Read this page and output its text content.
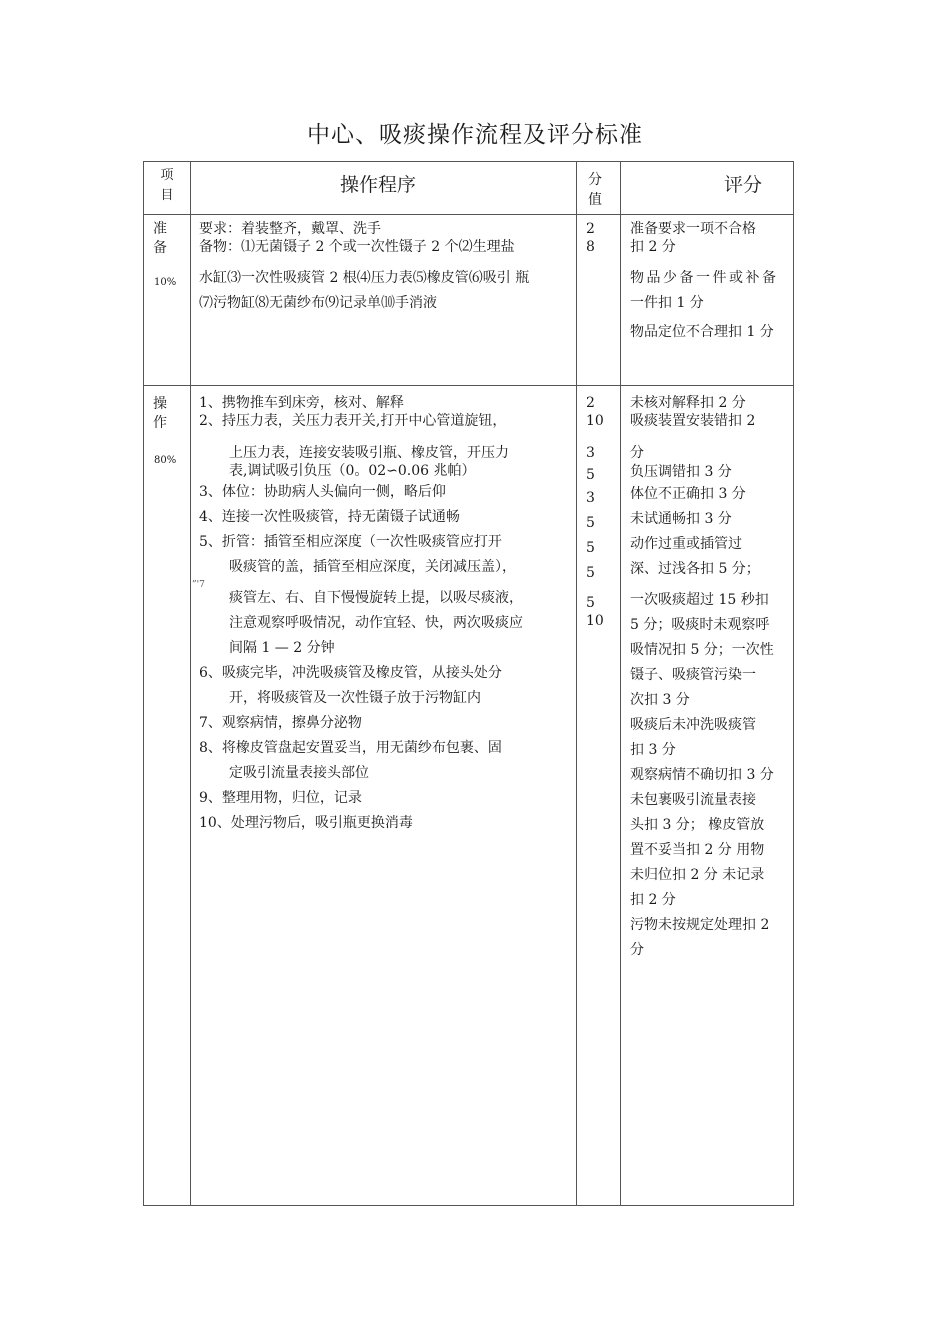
中心、吸痰操作流程及评分标准
项
目	操作程序	分
值
评分
准
备
10%
要求：着装整齐，戴罩、洗手
备物：⑴无菌镊子 2 个或一次性镊子 2 个⑵生理盐
水缸⑶一次性吸痰管 2 根⑷压力表⑸橡皮管⑹吸引 瓶
⑺污物缸⑻无菌纱布⑼记录单⑽手消液
2
8
准备要求一项不合格
扣 2 分
物品少备一件或补备
一件扣 1 分
物品定位不合理扣 1 分
操
作
80%
”'7
1、携物推车到床旁，核对、解释
2、持压力表，关压力表开关,打开中心管道旋钮，
上压力表，连接安装吸引瓶、橡皮管，开压力
表,调试吸引负压（0。02∽0.06 兆帕）
3、体位：协助病人头偏向一侧，略后仰
4、连接一次性吸痰管，持无菌镊子试通畅
5、折管：插管至相应深度（一次性吸痰管应打开
吸痰管的盖，插管至相应深度，关闭减压盖），
痰管左、右、自下慢慢旋转上提，以吸尽痰液，
注意观察呼吸情况，动作宜轻、快，两次吸痰应
间隔 1 — 2 分钟
6、吸痰完毕，冲洗吸痰管及橡皮管，从接头处分
开，将吸痰管及一次性镊子放于污物缸内
7、观察病情，擦鼻分泌物
8、将橡皮管盘起安置妥当，用无菌纱布包裹、固
定吸引流量表接头部位
9、整理用物，归位，记录
10、处理污物后，吸引瓶更换消毒
2
10
3
5
3
5
5
5
5
10
未核对解释扣 2 分
吸痰装置安装错扣 2
分
负压调错扣 3 分
体位不正确扣 3 分
未试通畅扣 3 分
动作过重或插管过
深、过浅各扣 5 分；
一次吸痰超过 15 秒扣
5 分；吸痰时未观察呼
吸情况扣 5 分；一次性
镊子、吸痰管污染一
次扣 3 分
吸痰后未冲洗吸痰管
扣 3 分
观察病情不确切扣 3 分
未包裹吸引流量表接
头扣 3 分； 橡皮管放
置不妥当扣 2 分 用物
未归位扣 2 分 未记录
扣 2 分
污物未按规定处理扣 2
分
